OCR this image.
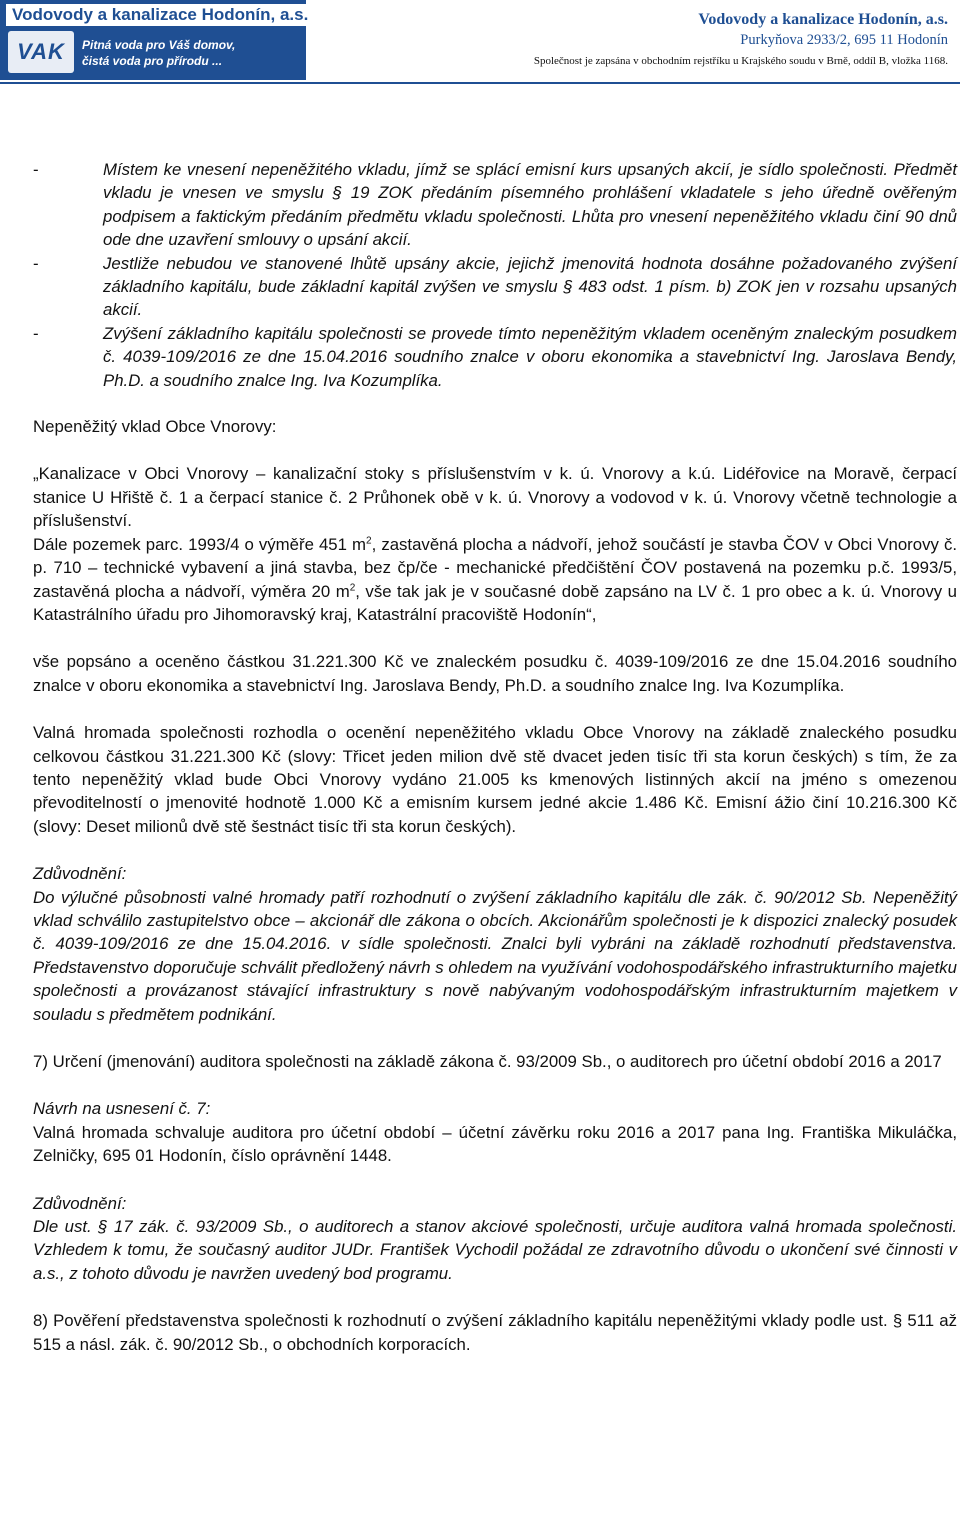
Vodovody a kanalizace Hodonín, a.s.
VAK	Pitná voda pro Váš domov,
čistá voda pro přírodu ...
Vodovody a kanalizace Hodonín, a.s.
Purkyňova 2933/2, 695 11 Hodonín
Společnost je zapsána v obchodním rejstříku u Krajského soudu v Brně, oddíl B, vložka 1168.

- Místem ke vnesení nepeněžitého vkladu, jímž se splácí emisní kurs upsaných akcií, je sídlo společnosti. Předmět vkladu je vnesen ve smyslu § 19 ZOK předáním písemného prohlášení vkladatele s jeho úředně ověřeným podpisem a faktickým předáním předmětu vkladu společnosti. Lhůta pro vnesení nepeněžitého vkladu činí 90 dnů ode dne uzavření smlouvy o upsání akcií.

- Jestliže nebudou ve stanovené lhůtě upsány akcie, jejichž jmenovitá hodnota dosáhne požadovaného zvýšení základního kapitálu, bude základní kapitál zvýšen ve smyslu § 483 odst. 1 písm. b) ZOK jen v rozsahu upsaných akcií.

- Zvýšení základního kapitálu společnosti se provede tímto nepeněžitým vkladem oceněným znaleckým posudkem č. 4039-109/2016 ze dne 15.04.2016 soudního znalce v oboru ekonomika a stavebnictví Ing. Jaroslava Bendy, Ph.D. a soudního znalce Ing. Iva Kozumplíka.

Nepeněžitý vklad Obce Vnorovy:

„Kanalizace v Obci Vnorovy – kanalizační stoky s příslušenstvím v k. ú. Vnorovy a k.ú. Lidéřovice na Moravě, čerpací stanice U Hřiště č. 1 a čerpací stanice č. 2 Průhonek obě v k. ú. Vnorovy a vodovod v k. ú. Vnorovy včetně technologie a příslušenství.

Dále pozemek parc. 1993/4 o výměře 451 $m^2$, zastavěná plocha a nádvoří, jehož součástí je stavba ČOV v Obci Vnorovy č. p. 710 – technické vybavení a jiná stavba, bez čp/če - mechanické předčištění ČOV postavená na pozemku p.č. 1993/5, zastavěná plocha a nádvoří, výměra 20 $m^2$, vše tak jak je v současné době zapsáno na LV č. 1 pro obec a k. ú. Vnorovy u Katastrálního úřadu pro Jihomoravský kraj, Katastrální pracoviště Hodonín“,

vše popsáno a oceněno částkou 31.221.300 Kč ve znaleckém posudku č. 4039-109/2016 ze dne 15.04.2016 soudního znalce v oboru ekonomika a stavebnictví Ing. Jaroslava Bendy, Ph.D. a soudního znalce Ing. Iva Kozumplíka.

Valná hromada společnosti rozhodla o ocenění nepeněžitého vkladu Obce Vnorovy na základě znaleckého posudku celkovou částkou 31.221.300 Kč (slovy: Třicet jeden milion dvě stě dvacet jeden tisíc tři sta korun českých) s tím, že za tento nepeněžitý vklad bude Obci Vnorovy vydáno 21.005 ks kmenových listinných akcií na jméno s omezenou převoditelností o jmenovité hodnotě 1.000 Kč a emisním kursem jedné akcie 1.486 Kč. Emisní ážio činí 10.216.300 Kč (slovy: Deset milionů dvě stě šestnáct tisíc tři sta korun českých).

Zdůvodnění:

Do výlučné působnosti valné hromady patří rozhodnutí o zvýšení základního kapitálu dle zák. č. 90/2012 Sb. Nepeněžitý vklad schválilo zastupitelstvo obce – akcionář dle zákona o obcích. Akcionářům společnosti je k dispozici znalecký posudek č. 4039-109/2016 ze dne 15.04.2016. v sídle společnosti. Znalci byli vybráni na základě rozhodnutí představenstva. Představenstvo doporučuje schválit předložený návrh s ohledem na využívání vodohospodářského infrastrukturního majetku společnosti a provázanost stávající infrastruktury s nově nabývaným vodohospodářským infrastrukturním majetkem v souladu s předmětem podnikání.

7) Určení (jmenování) auditora společnosti na základě zákona č. 93/2009 Sb., o auditorech pro účetní období 2016 a 2017

Návrh na usnesení č. 7:

Valná hromada schvaluje auditora pro účetní období – účetní závěrku roku 2016 a 2017 pana Ing. Františka Mikuláčka, Zelničky, 695 01 Hodonín, číslo oprávnění 1448.

Zdůvodnění:

Dle ust. § 17 zák. č. 93/2009 Sb., o auditorech a stanov akciové společnosti, určuje auditora valná hromada společnosti. Vzhledem k tomu, že současný auditor JUDr. František Vychodil požádal ze zdravotního důvodu o ukončení své činnosti v a.s., z tohoto důvodu je navržen uvedený bod programu.

8) Pověření představenstva společnosti k rozhodnutí o zvýšení základního kapitálu nepeněžitými vklady podle ust. § 511 až 515 a násl. zák. č. 90/2012 Sb., o obchodních korporacích.
